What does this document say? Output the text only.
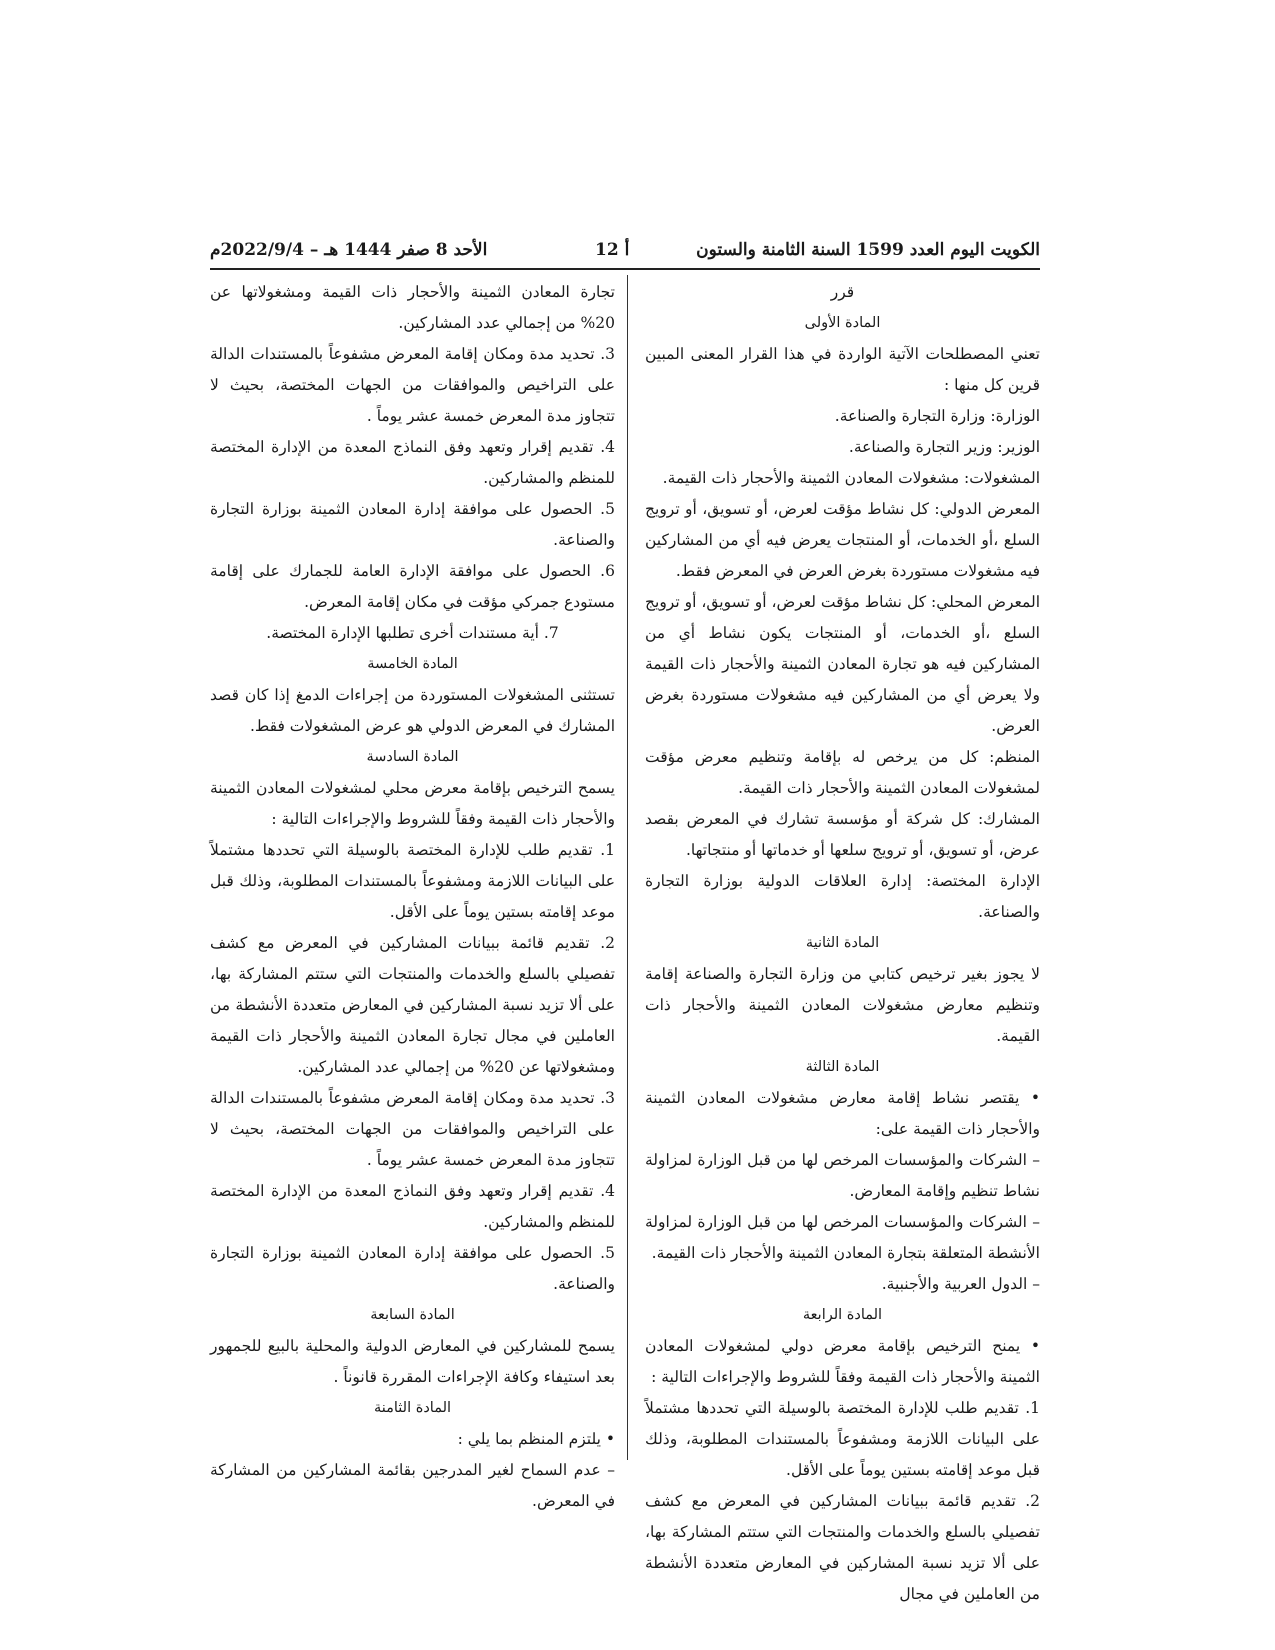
الكويت اليوم العدد 1599 السنة الثامنة والستون
12 أ
الأحد 8 صفر 1444 هـ – 2022/9/4م

قرر

المادة الأولى

تعني المصطلحات الآتية الواردة في هذا القرار المعنى المبين قرين كل منها :

الوزارة: وزارة التجارة والصناعة.

الوزير: وزير التجارة والصناعة.

المشغولات: مشغولات المعادن الثمينة والأحجار ذات القيمة.

المعرض الدولي: كل نشاط مؤقت لعرض، أو تسويق، أو ترويج السلع ،أو الخدمات، أو المنتجات يعرض فيه أي من المشاركين فيه مشغولات مستوردة بغرض العرض في المعرض فقط.

المعرض المحلي: كل نشاط مؤقت لعرض، أو تسويق، أو ترويج السلع ،أو الخدمات، أو المنتجات يكون نشاط أي من المشاركين فيه هو تجارة المعادن الثمينة والأحجار ذات القيمة ولا يعرض أي من المشاركين فيه مشغولات مستوردة بغرض العرض.

المنظم: كل من يرخص له بإقامة وتنظيم معرض مؤقت لمشغولات المعادن الثمينة والأحجار ذات القيمة.

المشارك: كل شركة أو مؤسسة تشارك في المعرض بقصد عرض، أو تسويق، أو ترويج سلعها أو خدماتها أو منتجاتها.

الإدارة المختصة: إدارة العلاقات الدولية بوزارة التجارة والصناعة.

المادة الثانية

لا يجوز بغير ترخيص كتابي من وزارة التجارة والصناعة إقامة وتنظيم معارض مشغولات المعادن الثمينة والأحجار ذات القيمة.

المادة الثالثة

• يقتصر نشاط إقامة معارض مشغولات المعادن الثمينة والأحجار ذات القيمة على:

– الشركات والمؤسسات المرخص لها من قبل الوزارة لمزاولة نشاط تنظيم وإقامة المعارض.

– الشركات والمؤسسات المرخص لها من قبل الوزارة لمزاولة الأنشطة المتعلقة بتجارة المعادن الثمينة والأحجار ذات القيمة.

– الدول العربية والأجنبية.

المادة الرابعة

• يمنح الترخيص بإقامة معرض دولي لمشغولات المعادن الثمينة والأحجار ذات القيمة وفقاً للشروط والإجراءات التالية :

1. تقديم طلب للإدارة المختصة بالوسيلة التي تحددها مشتملاً على البيانات اللازمة ومشفوعاً بالمستندات المطلوبة، وذلك قبل موعد إقامته بستين يوماً على الأقل.

2. تقديم قائمة ببيانات المشاركين في المعرض مع كشف تفصيلي بالسلع والخدمات والمنتجات التي ستتم المشاركة بها، على ألا تزيد نسبة المشاركين في المعارض متعددة الأنشطة من العاملين في مجال

تجارة المعادن الثمينة والأحجار ذات القيمة ومشغولاتها عن 20% من إجمالي عدد المشاركين.

3. تحديد مدة ومكان إقامة المعرض مشفوعاً بالمستندات الدالة على التراخيص والموافقات من الجهات المختصة، بحيث لا تتجاوز مدة المعرض خمسة عشر يوماً .

4. تقديم إقرار وتعهد وفق النماذج المعدة من الإدارة المختصة للمنظم والمشاركين.

5. الحصول على موافقة إدارة المعادن الثمينة بوزارة التجارة والصناعة.

6. الحصول على موافقة الإدارة العامة للجمارك على إقامة مستودع جمركي مؤقت في مكان إقامة المعرض.

7. أية مستندات أخرى تطلبها الإدارة المختصة.

المادة الخامسة

تستثنى المشغولات المستوردة من إجراءات الدمغ إذا كان قصد المشارك في المعرض الدولي هو عرض المشغولات فقط.

المادة السادسة

يسمح الترخيص بإقامة معرض محلي لمشغولات المعادن الثمينة والأحجار ذات القيمة وفقاً للشروط والإجراءات التالية :

1. تقديم طلب للإدارة المختصة بالوسيلة التي تحددها مشتملاً على البيانات اللازمة ومشفوعاً بالمستندات المطلوبة، وذلك قبل موعد إقامته بستين يوماً على الأقل.

2. تقديم قائمة ببيانات المشاركين في المعرض مع كشف تفصيلي بالسلع والخدمات والمنتجات التي ستتم المشاركة بها، على ألا تزيد نسبة المشاركين في المعارض متعددة الأنشطة من العاملين في مجال تجارة المعادن الثمينة والأحجار ذات القيمة ومشغولاتها عن 20% من إجمالي عدد المشاركين.

3. تحديد مدة ومكان إقامة المعرض مشفوعاً بالمستندات الدالة على التراخيص والموافقات من الجهات المختصة، بحيث لا تتجاوز مدة المعرض خمسة عشر يوماً .

4. تقديم إقرار وتعهد وفق النماذج المعدة من الإدارة المختصة للمنظم والمشاركين.

5. الحصول على موافقة إدارة المعادن الثمينة بوزارة التجارة والصناعة.

المادة السابعة

يسمح للمشاركين في المعارض الدولية والمحلية بالبيع للجمهور بعد استيفاء وكافة الإجراءات المقررة قانوناً .

المادة الثامنة

• يلتزم المنظم بما يلي :

– عدم السماح لغير المدرجين بقائمة المشاركين من المشاركة في المعرض.
